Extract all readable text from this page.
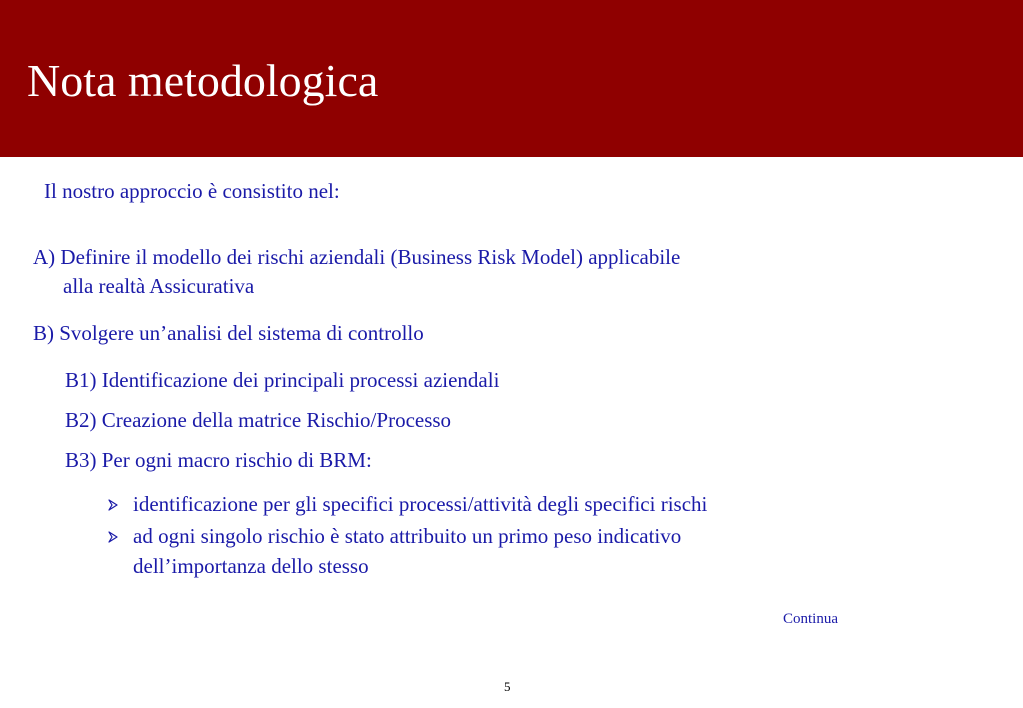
Nota metodologica
Il nostro approccio è consistito nel:
A) Definire il modello dei rischi aziendali (Business Risk Model) applicabile
alla realtà Assicurativa
B) Svolgere un’analisi del sistema di controllo
B1) Identificazione dei principali processi aziendali
B2) Creazione della matrice Rischio/Processo
B3) Per ogni macro rischio di BRM:
identificazione per gli specifici processi/attività degli specifici rischi
ad ogni singolo rischio è stato attribuito un primo peso indicativo
dell’importanza dello stesso
Continua
5
